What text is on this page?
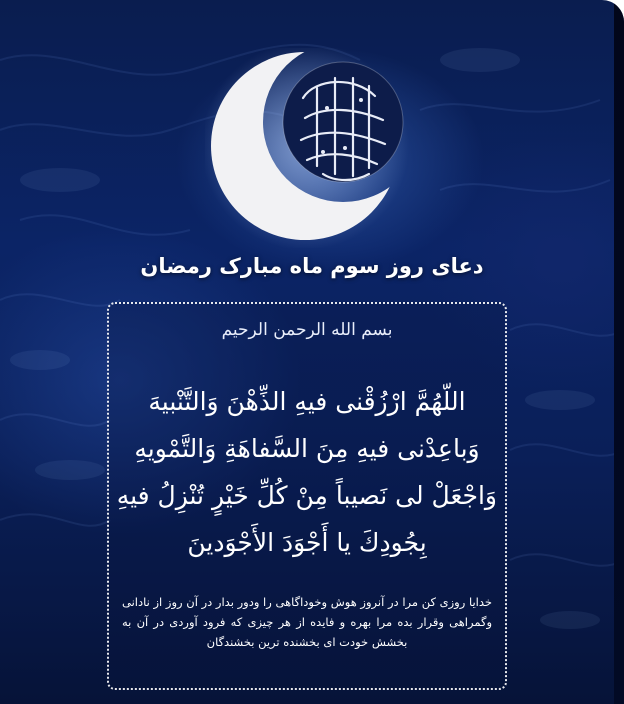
دعای روز سوم ماه مبارک رمضان
بسم الله الرحمن الرحیم
اللّهُمَّ ارْزُقْنی فیهِ الذِّهْنَ وَالتَّنْبیهَ
وَباعِدْنی فیهِ مِنَ السَّفاهَةِ وَالتَّمْویهِ
وَاجْعَلْ لی نَصیباً مِنْ كُلِّ خَیْرٍ تُنْزِلُ فیهِ
بِجُودِكَ یا أَجْوَدَ الأَجْوَدینَ
خدایا روزی کن مرا در آنروز هوش وخوداگاهی را ودور بدار در آن روز از نادانی وگمراهی وقرار بده مرا بهره و فایده از هر چیزی که فرود آوردی در آن به بخشش خودت ای بخشنده ترین بخشندگان
